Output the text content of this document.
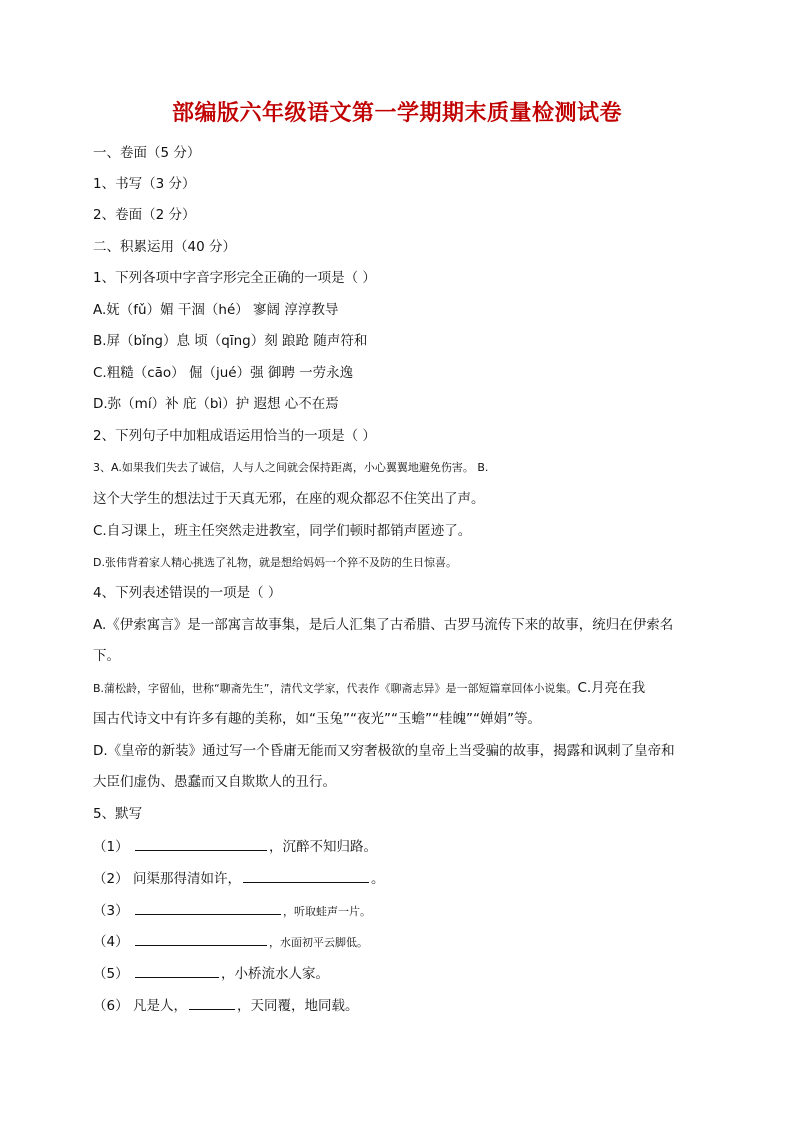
部编版六年级语文第一学期期末质量检测试卷
一、卷面（5 分）
1、书写（3 分）
2、卷面（2 分）
二、积累运用（40 分）
1、下列各项中字音字形完全正确的一项是（ ）
A.妩（fǔ）媚 干涸（hé） 寥阔 淳淳教导
B.屏（bǐng）息 顷（qīng）刻 踉跄 随声符和
C.粗糙（cāo） 倔（jué）强 御聘 一劳永逸
D.弥（mí）补 庇（bì）护 遐想 心不在焉
2、下列句子中加粗成语运用恰当的一项是（ ）
3、A.如果我们失去了诚信，人与人之间就会保持距离，小心翼翼地避免伤害。 B.
这个大学生的想法过于天真无邪，在座的观众都忍不住笑出了声。
C.自习课上，班主任突然走进教室，同学们顿时都销声匿迹了。
D.张伟背着家人精心挑选了礼物，就是想给妈妈一个猝不及防的生日惊喜。
4、下列表述错误的一项是（ ）
A.《伊索寓言》是一部寓言故事集，是后人汇集了古希腊、古罗马流传下来的故事，统归在伊索名
下。
B.蒲松龄，字留仙，世称“聊斋先生”，清代文学家，代表作《聊斋志异》是一部短篇章回体小说集。C.月亮在我
国古代诗文中有许多有趣的美称，如“玉兔”“夜光”“玉蟾”“桂魄”“婵娟”等。
D.《皇帝的新装》通过写一个昏庸无能而又穷奢极欲的皇帝上当受骗的故事，揭露和讽刺了皇帝和
大臣们虚伪、愚蠢而又自欺欺人的丑行。
5、默写
（1）	，沉醉不知归路。
（2） 问渠那得清如许，	。
（3）	，听取蛙声一片。
（4）	，水面初平云脚低。
（5）	，小桥流水人家。
（6） 凡是人，	，天同覆，地同载。
